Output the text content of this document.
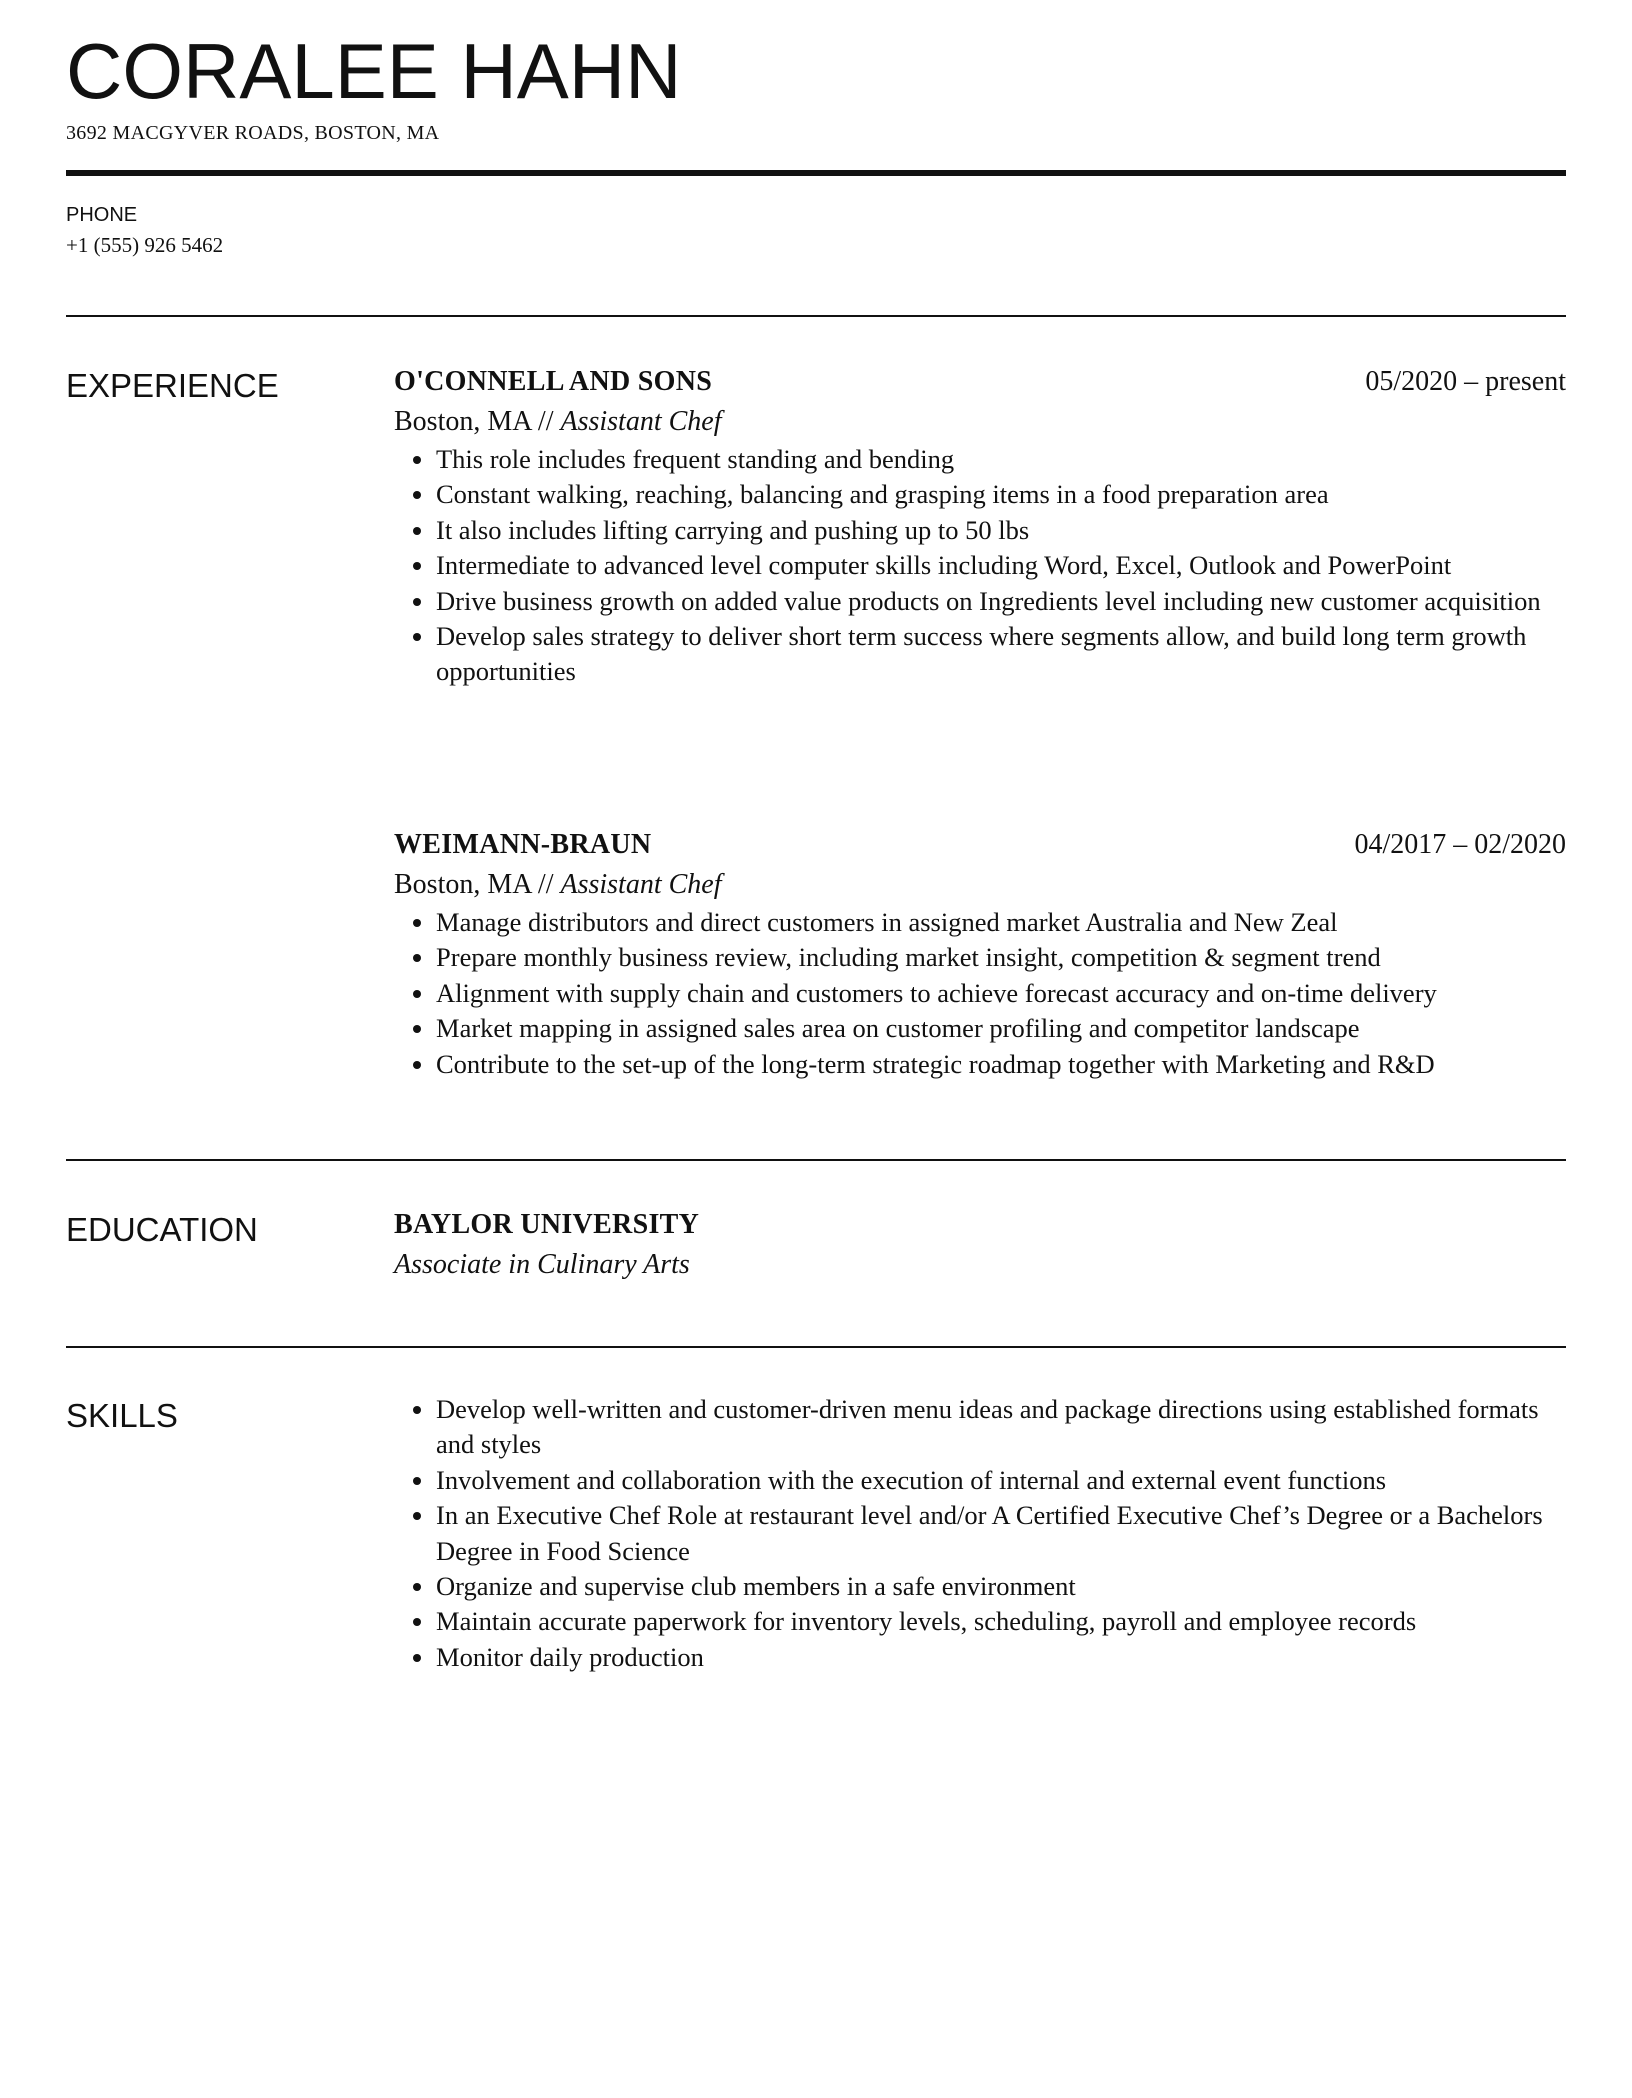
CORALEE HAHN
3692 MACGYVER ROADS, BOSTON, MA
PHONE
+1 (555) 926 5462
EXPERIENCE	O'CONNELL AND SONS	05/2020 – present
Boston, MA // Assistant Chef
• This role includes frequent standing and bending
• Constant walking, reaching, balancing and grasping items in a food preparation area
• It also includes lifting carrying and pushing up to 50 lbs
• Intermediate to advanced level computer skills including Word, Excel, Outlook and PowerPoint
• Drive business growth on added value products on Ingredients level including new customer acquisition
• Develop sales strategy to deliver short term success where segments allow, and build long term growth opportunities
WEIMANN-BRAUN	04/2017 – 02/2020
Boston, MA // Assistant Chef
• Manage distributors and direct customers in assigned market Australia and New Zeal
• Prepare monthly business review, including market insight, competition & segment trend
• Alignment with supply chain and customers to achieve forecast accuracy and on-time delivery
• Market mapping in assigned sales area on customer profiling and competitor landscape
• Contribute to the set-up of the long-term strategic roadmap together with Marketing and R&D
EDUCATION	BAYLOR UNIVERSITY
Associate in Culinary Arts
SKILLS
•	Develop well-written and customer-driven menu ideas and package directions using established formats and styles
• Involvement and collaboration with the execution of internal and external event functions
• In an Executive Chef Role at restaurant level and/or A Certified Executive Chef’s Degree or a Bachelors Degree in Food Science
• Organize and supervise club members in a safe environment
• Maintain accurate paperwork for inventory levels, scheduling, payroll and employee records
• Monitor daily production
